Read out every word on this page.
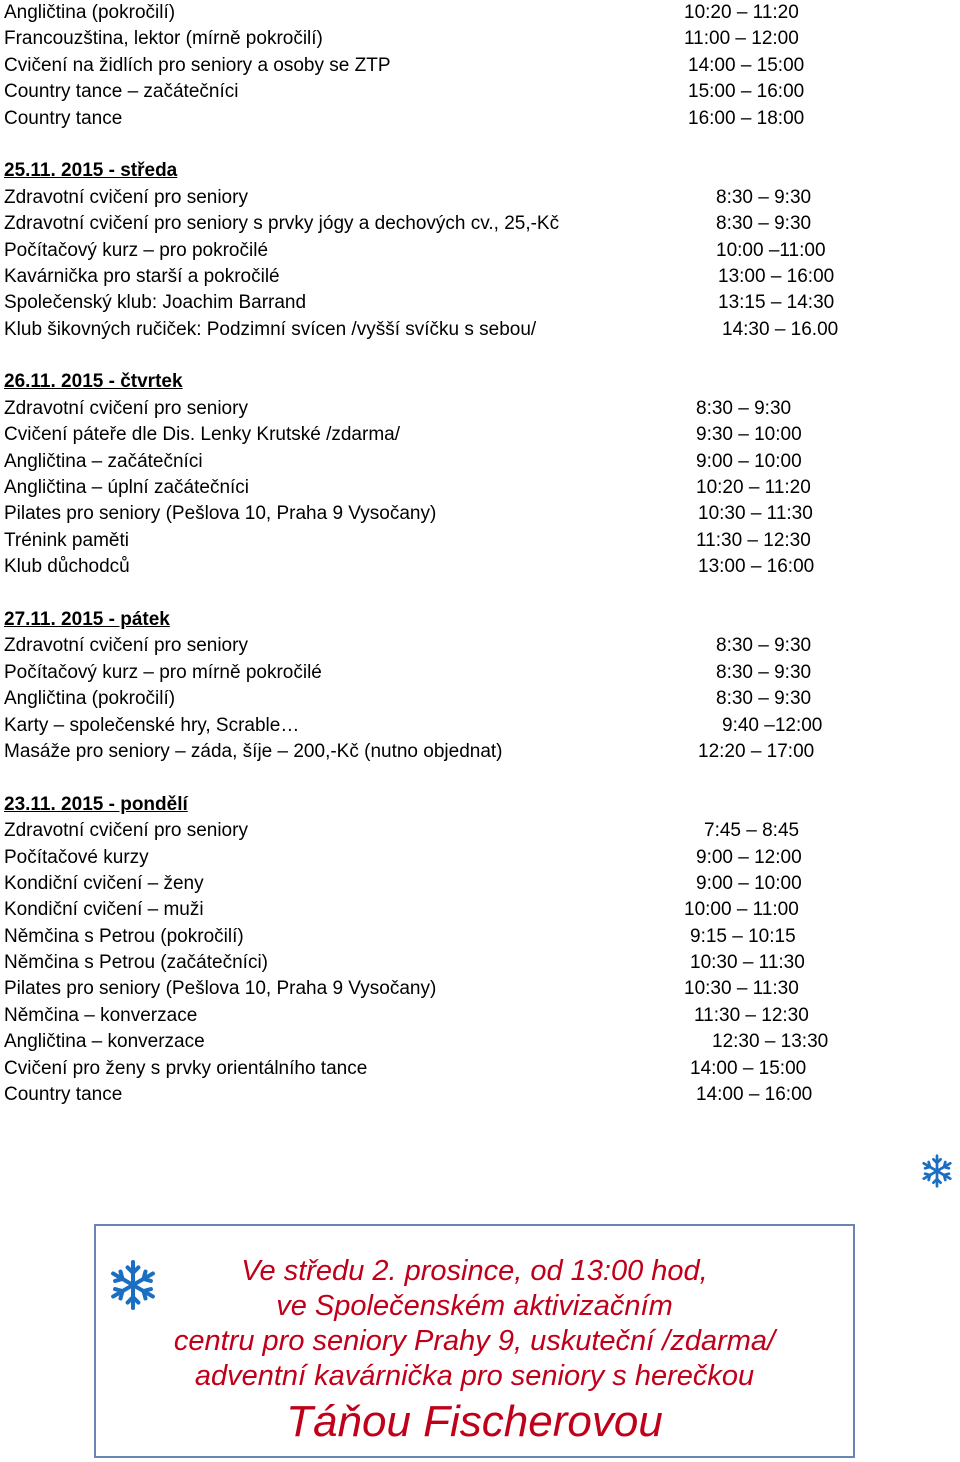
Angličtina (pokročilí)	10:20 – 11:20
Francouzština, lektor (mírně pokročilí)	11:00 – 12:00
Cvičení na židlích pro seniory a osoby se ZTP	14:00 – 15:00
Country tance – začátečníci	15:00 – 16:00
Country tance	16:00 – 18:00
25.11. 2015 - středa
Zdravotní cvičení pro seniory	8:30 – 9:30
Zdravotní cvičení pro seniory s prvky jógy a dechových cv., 25,-Kč	8:30 – 9:30
Počítačový kurz – pro pokročilé	10:00 –11:00
Kavárnička pro starší a pokročilé	13:00 – 16:00
Společenský klub: Joachim Barrand	13:15 – 14:30
Klub šikovných ručiček: Podzimní svícen /vyšší svíčku s sebou/	14:30 – 16.00
26.11. 2015 - čtvrtek
Zdravotní cvičení pro seniory	8:30 – 9:30
Cvičení páteře dle Dis. Lenky Krutské /zdarma/	9:30 – 10:00
Angličtina – začátečníci	9:00 – 10:00
Angličtina – úplní začátečníci	10:20 – 11:20
Pilates pro seniory (Pešlova 10, Praha 9 Vysočany)	10:30 – 11:30
Trénink paměti	11:30 – 12:30
Klub důchodců	13:00 – 16:00
27.11. 2015 - pátek
Zdravotní cvičení pro seniory	8:30 – 9:30
Počítačový kurz – pro mírně pokročilé	8:30 – 9:30
Angličtina (pokročilí)	8:30 – 9:30
Karty – společenské hry, Scrable…	9:40 –12:00
Masáže pro seniory – záda, šíje – 200,-Kč (nutno objednat)	12:20 – 17:00
23.11. 2015 - pondělí
Zdravotní cvičení pro seniory	7:45 – 8:45
Počítačové kurzy	9:00 – 12:00
Kondiční cvičení – ženy	9:00 – 10:00
Kondiční cvičení – muži	10:00 – 11:00
Němčina s Petrou (pokročilí)	9:15 – 10:15
Němčina s Petrou (začátečníci)	10:30 – 11:30
Pilates pro seniory (Pešlova 10, Praha 9 Vysočany)	10:30 – 11:30
Němčina – konverzace	11:30 – 12:30
Angličtina – konverzace	12:30 – 13:30
Cvičení pro ženy s prvky orientálního tance	14:00 – 15:00
Country tance	14:00 – 16:00
Ve středu 2. prosince, od 13:00 hod,
ve Společenském aktivizačním
centru pro seniory Prahy 9, uskuteční /zdarma/
adventní kavárnička pro seniory s herečkou
Táňou Fischerovou
